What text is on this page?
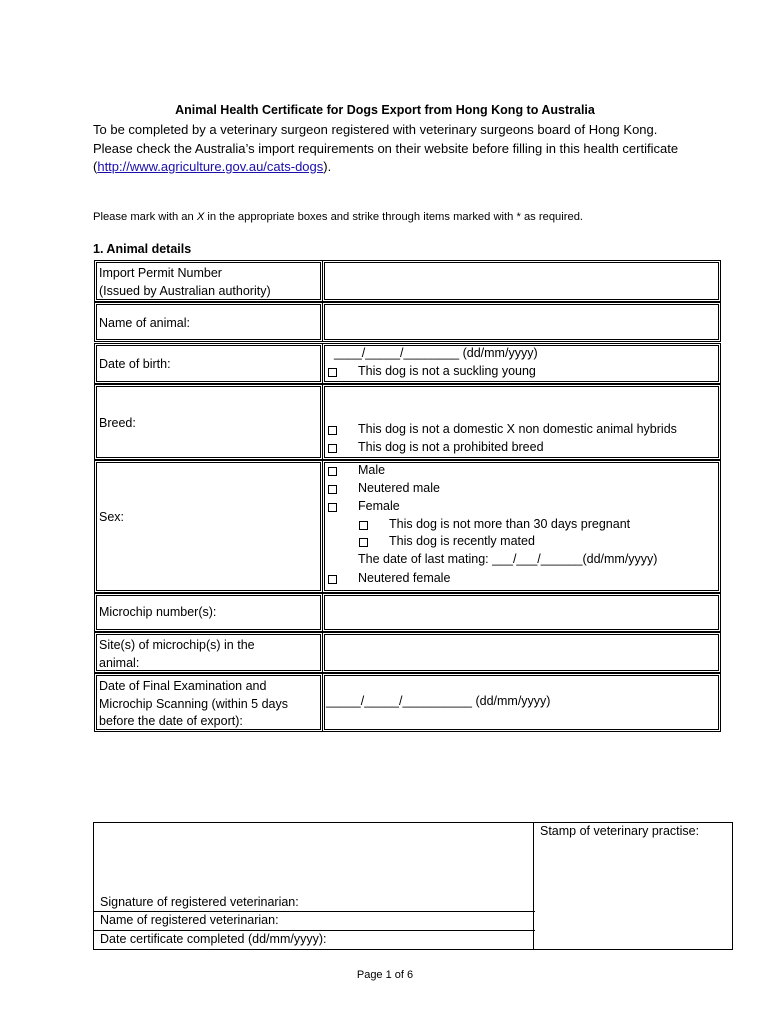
Animal Health Certificate for Dogs Export from Hong Kong to Australia
To be completed by a veterinary surgeon registered with veterinary surgeons board of Hong Kong. Please check the Australia’s import requirements on their website before filling in this health certificate (http://www.agriculture.gov.au/cats-dogs).
Please mark with an X in the appropriate boxes and strike through items marked with * as required.
1. Animal details
Import Permit Number
(Issued by Australian authority)
Name of animal:
Date of birth:
____/_____/________ (dd/mm/yyyy)
This dog is not a suckling young
Breed:	This dog is not a domestic X non domestic animal hybrids
This dog is not a prohibited breed
Sex:
Male
Neutered male
Female
This dog is not more than 30 days pregnant
This dog is recently mated
The date of last mating: ___/___/______(dd/mm/yyyy)
Neutered female
Microchip number(s):
Site(s) of microchip(s) in the
animal:
Date of Final Examination and
Microchip Scanning (within 5 days
before the date of export):
_____/_____/__________ (dd/mm/yyyy)
Signature of registered veterinarian:
Name of registered veterinarian:
Date certificate completed (dd/mm/yyyy):
Stamp of veterinary practise:
Page 1 of 6
